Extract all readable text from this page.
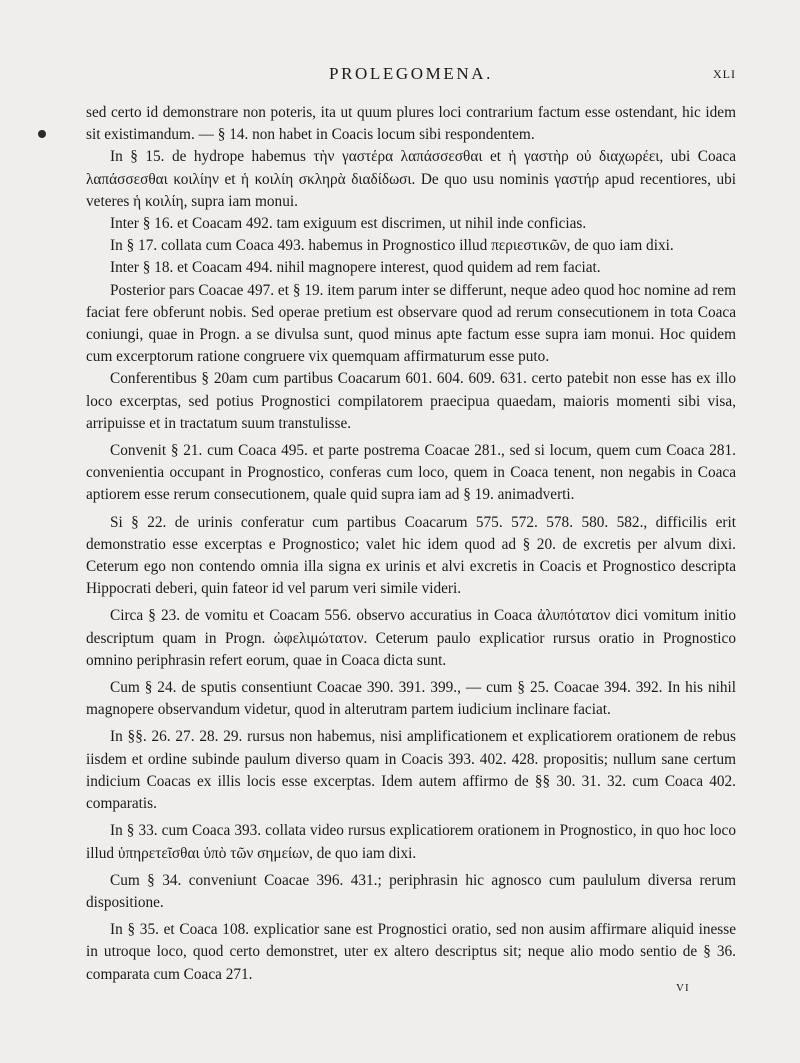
PROLEGOMENA.	XLI

sed certo id demonstrare non poteris, ita ut quum plures loci contrarium factum esse ostendant, hic idem sit existimandum. — § 14. non habet in Coacis locum sibi respondentem.

In § 15. de hydrope habemus τὴν γαστέρα λαπάσσεσθαι et ἡ γαστὴρ οὐ διαχωρέει, ubi Coaca λαπάσσεσθαι κοιλίην et ἡ κοιλίη σκληρὰ διαδίδωσι. De quo usu nominis γαστήρ apud recentiores, ubi veteres ἡ κοιλίη, supra iam monui.

Inter § 16. et Coacam 492. tam exiguum est discrimen, ut nihil inde conficias.

In § 17. collata cum Coaca 493. habemus in Prognostico illud περιεστικῶν, de quo iam dixi.

Inter § 18. et Coacam 494. nihil magnopere interest, quod quidem ad rem faciat.

Posterior pars Coacae 497. et § 19. item parum inter se differunt, neque adeo quod hoc nomine ad rem faciat fere obferunt nobis. Sed operae pretium est observare quod ad rerum consecutionem in tota Coaca coniungi, quae in Progn. a se divulsa sunt, quod minus apte factum esse supra iam monui. Hoc quidem cum excerptorum ratione congruere vix quemquam affirmaturum esse puto.

Conferentibus § 20am cum partibus Coacarum 601. 604. 609. 631. certo patebit non esse has ex illo loco excerptas, sed potius Prognostici compilatorem praecipua quaedam, maioris momenti sibi visa, arripuisse et in tractatum suum transtulisse.

Convenit § 21. cum Coaca 495. et parte postrema Coacae 281., sed si locum, quem cum Coaca 281. convenientia occupant in Prognostico, conferas cum loco, quem in Coaca tenent, non negabis in Coaca aptiorem esse rerum consecutionem, quale quid supra iam ad § 19. animadverti.

Si § 22. de urinis conferatur cum partibus Coacarum 575. 572. 578. 580. 582., difficilis erit demonstratio esse excerptas e Prognostico; valet hic idem quod ad § 20. de excretis per alvum dixi. Ceterum ego non contendo omnia illa signa ex urinis et alvi excretis in Coacis et Prognostico descripta Hippocrati deberi, quin fateor id vel parum veri simile videri.

Circa § 23. de vomitu et Coacam 556. observo accuratius in Coaca ἀλυπότατον dici vomitum initio descriptum quam in Progn. ὠφελιμώτατον. Ceterum paulo explicatior rursus oratio in Prognostico omnino periphrasin refert eorum, quae in Coaca dicta sunt.

Cum § 24. de sputis consentiunt Coacae 390. 391. 399., — cum § 25. Coacae 394. 392. In his nihil magnopere observandum videtur, quod in alterutram partem iudicium inclinare faciat.

In §§. 26. 27. 28. 29. rursus non habemus, nisi amplificationem et explicatiorem orationem de rebus iisdem et ordine subinde paulum diverso quam in Coacis 393. 402. 428. propositis; nullum sane certum indicium Coacas ex illis locis esse excerptas. Idem autem affirmo de §§ 30. 31. 32. cum Coaca 402. comparatis.

In § 33. cum Coaca 393. collata video rursus explicatiorem orationem in Prognostico, in quo hoc loco illud ὑπηρετεῖσθαι ὑπὸ τῶν σημείων, de quo iam dixi.

Cum § 34. conveniunt Coacae 396. 431.; periphrasin hic agnosco cum paululum diversa rerum dispositione.

In § 35. et Coaca 108. explicatior sane est Prognostici oratio, sed non ausim affirmare aliquid inesse in utroque loco, quod certo demonstret, uter ex altero descriptus sit; neque alio modo sentio de § 36. comparata cum Coaca 271.

VI
